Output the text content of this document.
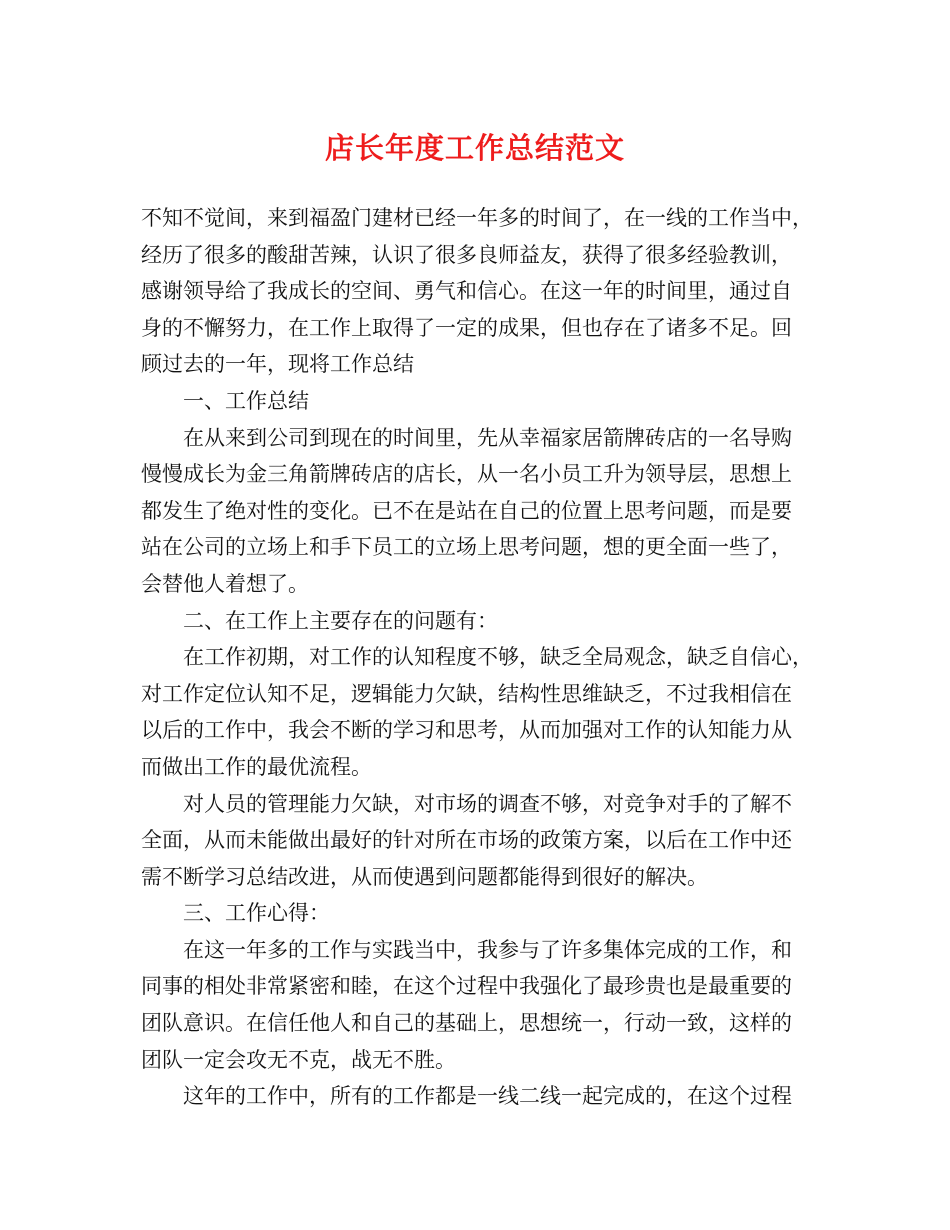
店长年度工作总结范文
不知不觉间，来到福盈门建材已经一年多的时间了，在一线的工作当中，
经历了很多的酸甜苦辣，认识了很多良师益友，获得了很多经验教训，
感谢领导给了我成长的空间、勇气和信心。在这一年的时间里，通过自
身的不懈努力，在工作上取得了一定的成果，但也存在了诸多不足。回
顾过去的一年，现将工作总结
一、工作总结
在从来到公司到现在的时间里，先从幸福家居箭牌砖店的一名导购
慢慢成长为金三角箭牌砖店的店长，从一名小员工升为领导层，思想上
都发生了绝对性的变化。已不在是站在自己的位置上思考问题，而是要
站在公司的立场上和手下员工的立场上思考问题，想的更全面一些了，
会替他人着想了。
二、在工作上主要存在的问题有：
在工作初期，对工作的认知程度不够，缺乏全局观念，缺乏自信心，
对工作定位认知不足，逻辑能力欠缺，结构性思维缺乏，不过我相信在
以后的工作中，我会不断的学习和思考，从而加强对工作的认知能力从
而做出工作的最优流程。
对人员的管理能力欠缺，对市场的调查不够，对竞争对手的了解不
全面，从而未能做出最好的针对所在市场的政策方案，以后在工作中还
需不断学习总结改进，从而使遇到问题都能得到很好的解决。
三、工作心得：
在这一年多的工作与实践当中，我参与了许多集体完成的工作，和
同事的相处非常紧密和睦，在这个过程中我强化了最珍贵也是最重要的
团队意识。在信任他人和自己的基础上，思想统一，行动一致，这样的
团队一定会攻无不克，战无不胜。
这年的工作中，所有的工作都是一线二线一起完成的，在这个过程
